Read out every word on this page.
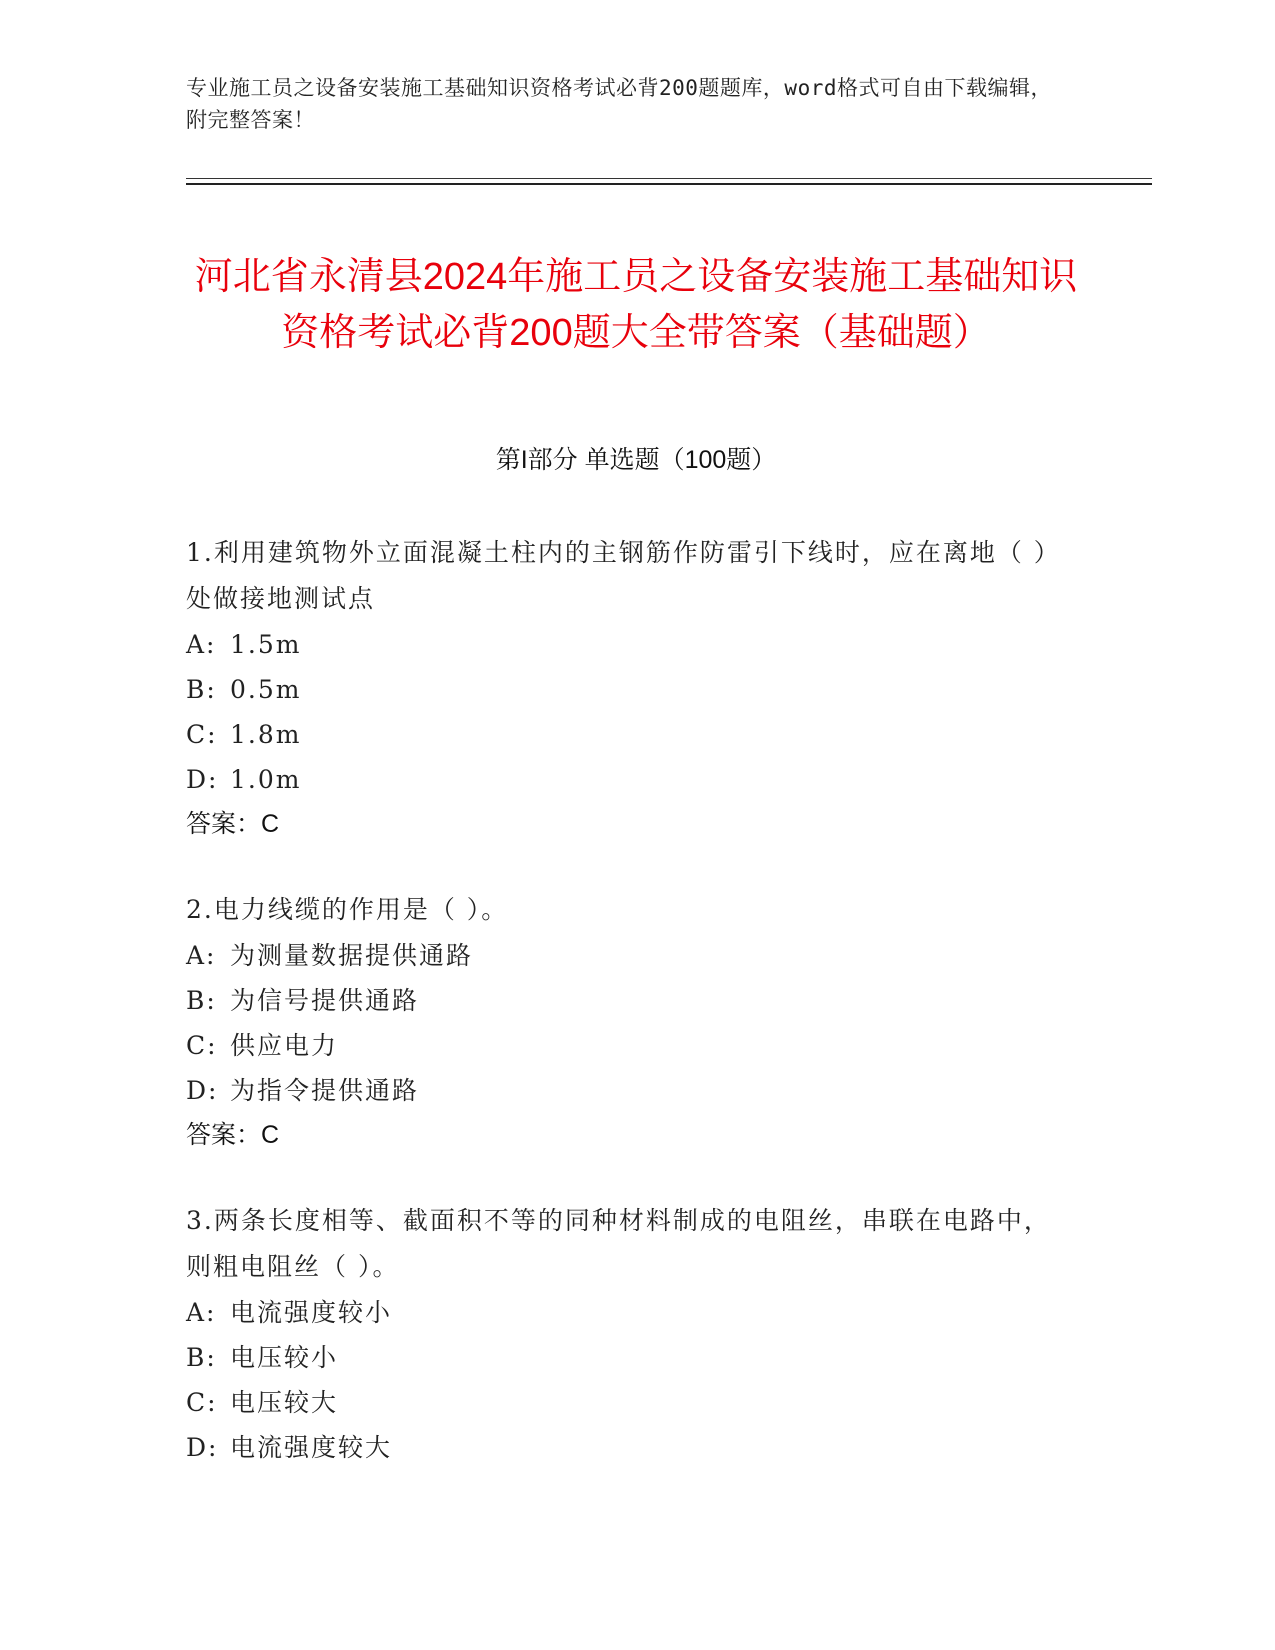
专业施工员之设备安装施工基础知识资格考试必背200题题库，word格式可自由下载编辑，附完整答案！
河北省永清县2024年施工员之设备安装施工基础知识资格考试必背200题大全带答案（基础题）
第I部分 单选题（100题）

1.利用建筑物外立面混凝土柱内的主钢筋作防雷引下线时，应在离地（ ）处做接地测试点

A: 1.5m

B: 0.5m

C: 1.8m

D: 1.0m

答案：C

2.电力线缆的作用是（ ）。

A: 为测量数据提供通路

B: 为信号提供通路

C: 供应电力

D: 为指令提供通路

答案：C

3.两条长度相等、截面积不等的同种材料制成的电阻丝，串联在电路中，则粗电阻丝（ ）。

A: 电流强度较小

B: 电压较小

C: 电压较大

D: 电流强度较大
